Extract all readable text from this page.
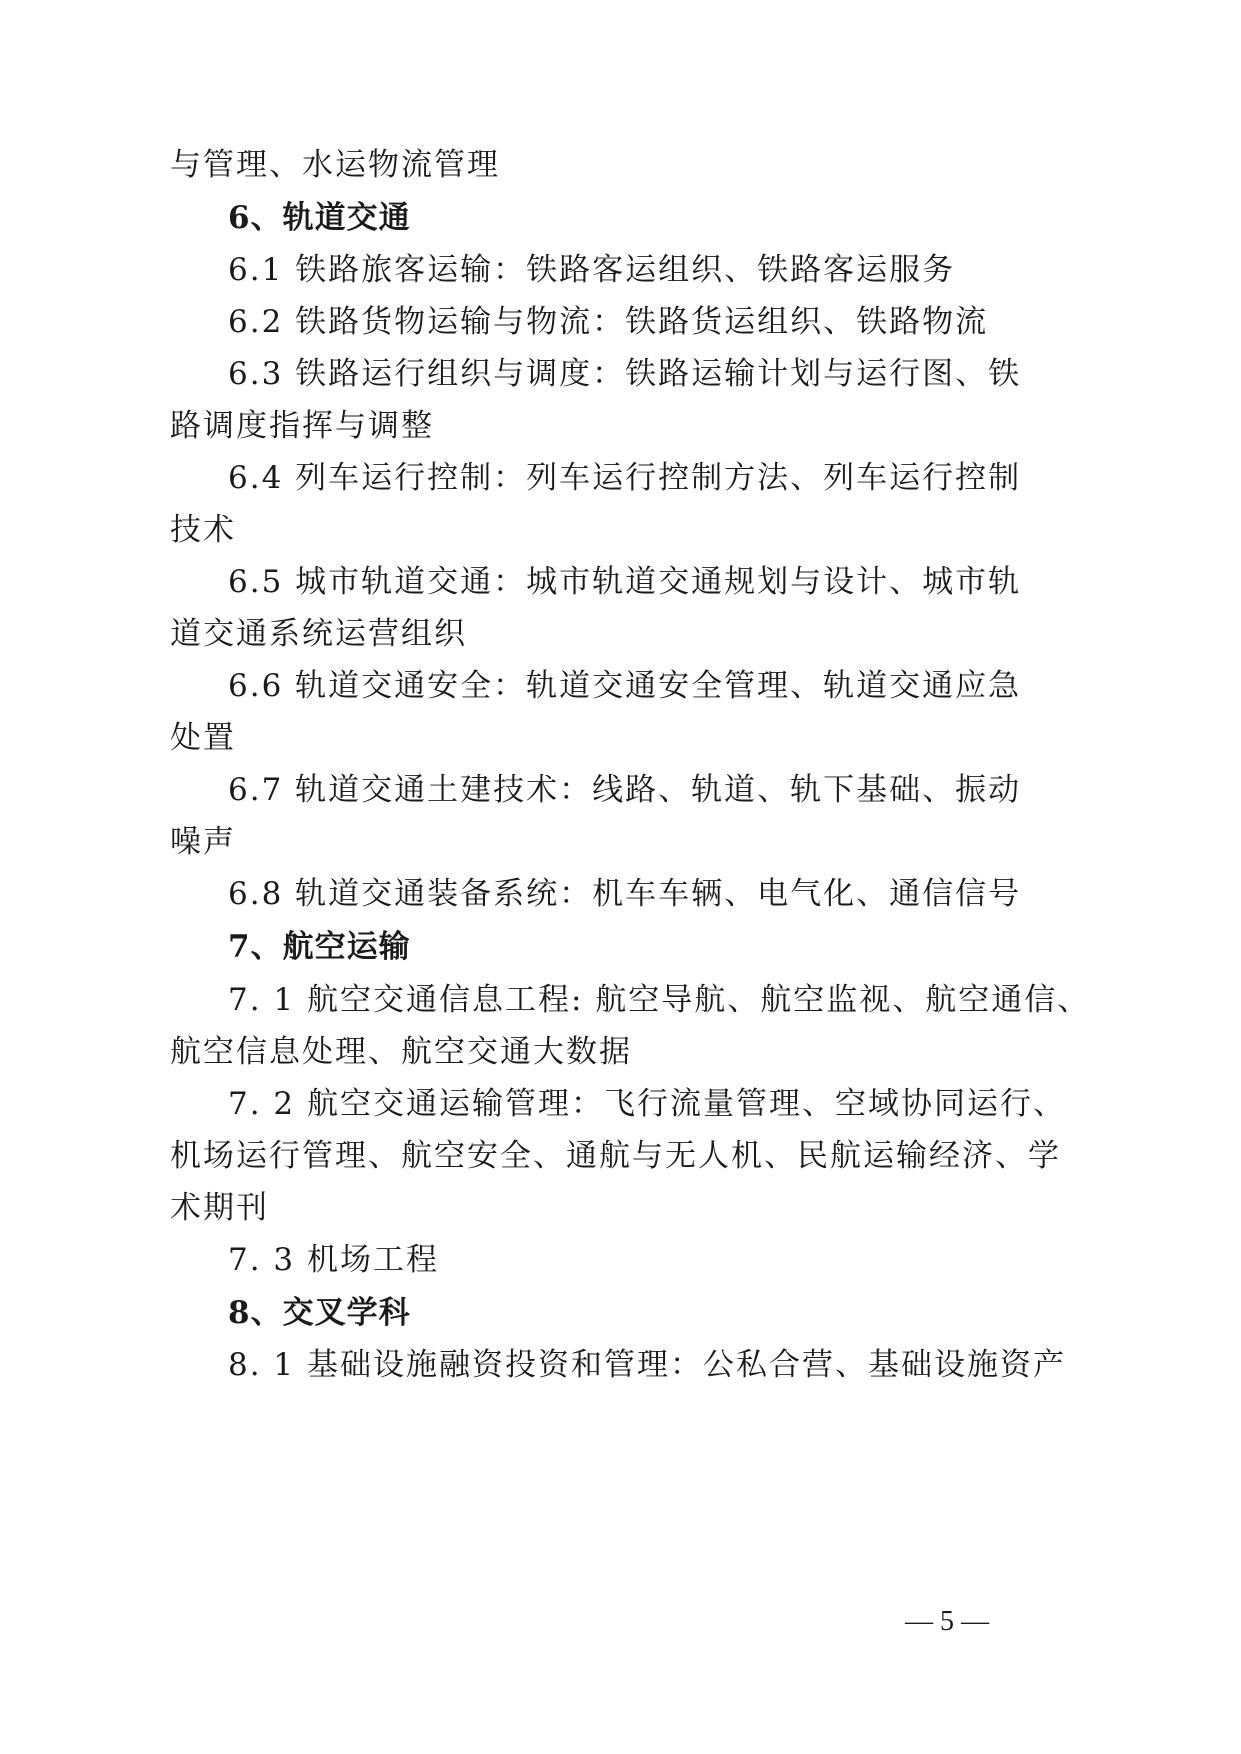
与管理、水运物流管理
6、轨道交通
6.1 铁路旅客运输：铁路客运组织、铁路客运服务
6.2 铁路货物运输与物流：铁路货运组织、铁路物流
6.3 铁路运行组织与调度：铁路运输计划与运行图、铁
路调度指挥与调整
6.4 列车运行控制：列车运行控制方法、列车运行控制
技术
6.5 城市轨道交通：城市轨道交通规划与设计、城市轨
道交通系统运营组织
6.6 轨道交通安全：轨道交通安全管理、轨道交通应急
处置
6.7 轨道交通土建技术：线路、轨道、轨下基础、振动
噪声
6.8 轨道交通装备系统：机车车辆、电气化、通信信号
7、航空运输
7. 1 航空交通信息工程: 航空导航、航空监视、航空通信、
航空信息处理、航空交通大数据
7. 2 航空交通运输管理：飞行流量管理、空域协同运行、
机场运行管理、航空安全、通航与无人机、民航运输经济、学
术期刊
7. 3 机场工程
8、交叉学科
8. 1 基础设施融资投资和管理：公私合营、基础设施资产
— 5 —
